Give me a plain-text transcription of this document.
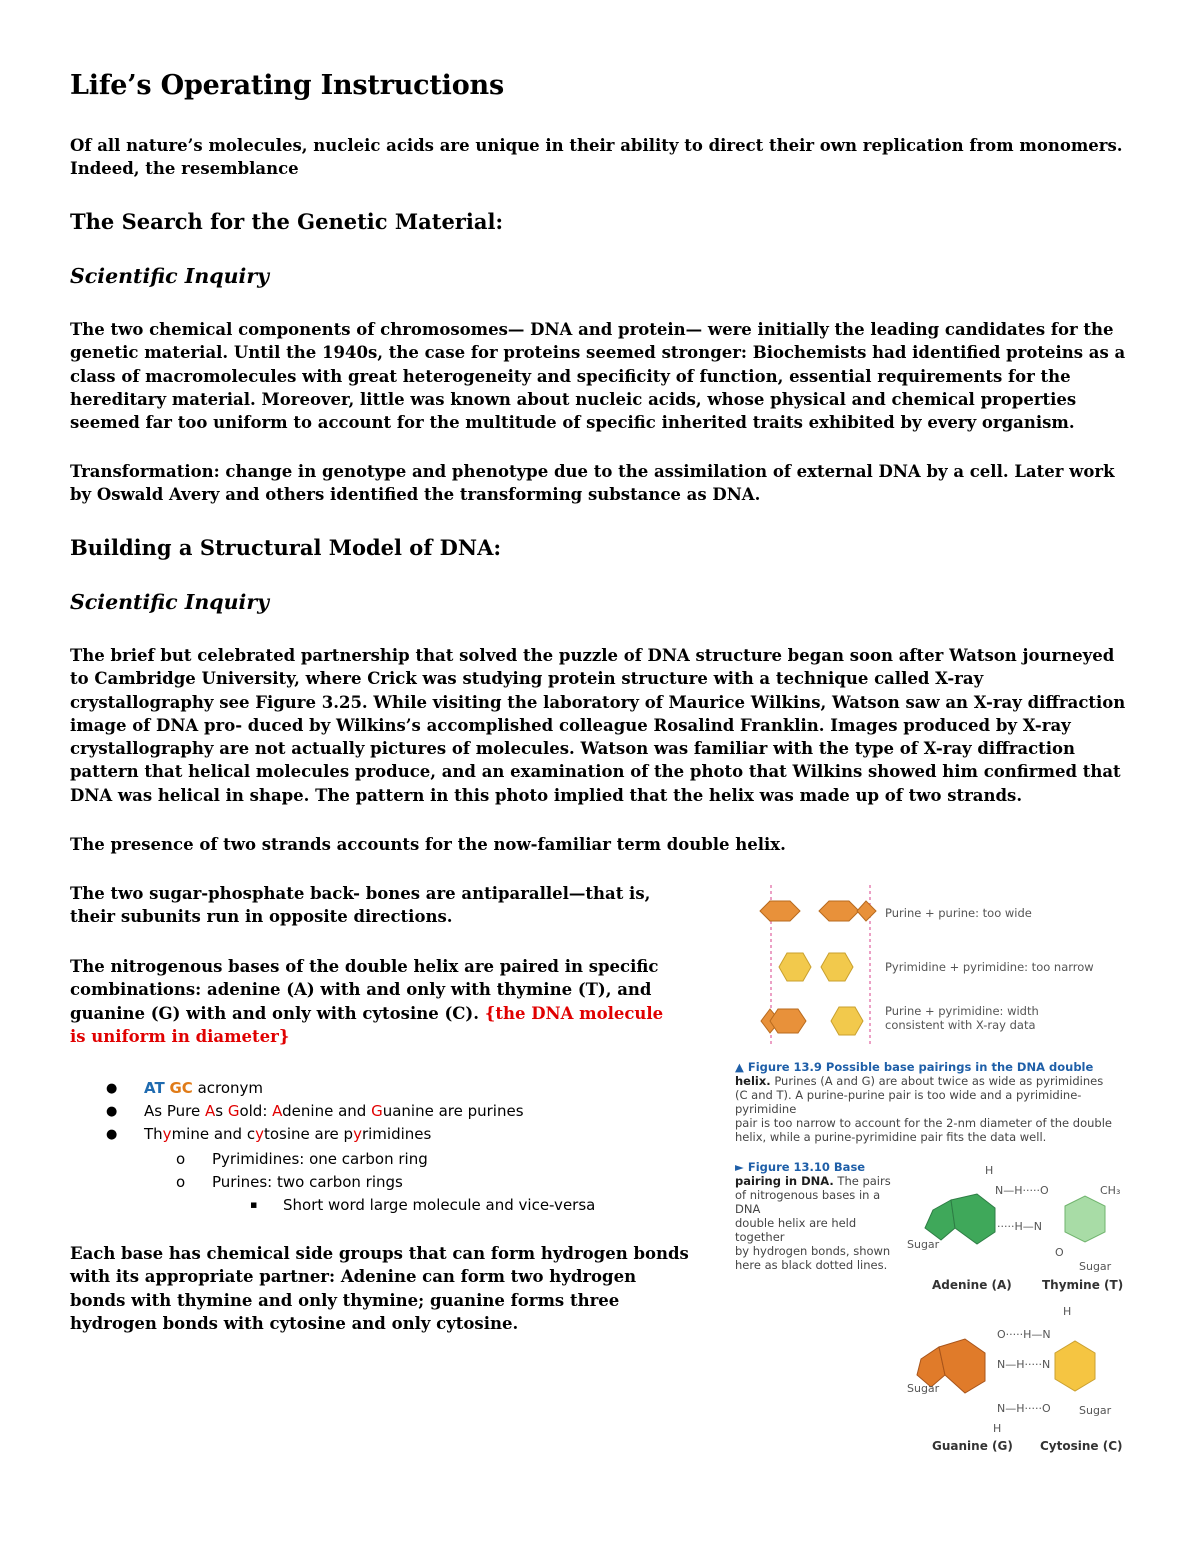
Life’s Operating Instructions
Of all nature’s molecules, nucleic acids are unique in their ability to direct their own replication from monomers. Indeed, the resemblance
The Search for the Genetic Material:
Scientific Inquiry
The two chemical components of chromosomes— DNA and protein— were initially the leading candidates for the genetic material. Until the 1940s, the case for proteins seemed stronger: Biochemists had identified proteins as a class of macromolecules with great heterogeneity and specificity of function, essential requirements for the hereditary material. Moreover, little was known about nucleic acids, whose physical and chemical properties seemed far too uniform to account for the multitude of specific inherited traits exhibited by every organism.
Transformation: change in genotype and phenotype due to the assimilation of external DNA by a cell. Later work by Oswald Avery and others identified the transforming substance as DNA.
Building a Structural Model of DNA:
Scientific Inquiry
The brief but celebrated partnership that solved the puzzle of DNA structure began soon after Watson journeyed to Cambridge University, where Crick was studying protein structure with a technique called X-ray crystallography see Figure 3.25. While visiting the laboratory of Maurice Wilkins, Watson saw an X-ray diffraction image of DNA pro- duced by Wilkins’s accomplished colleague Rosalind Franklin. Images produced by X-ray crystallography are not actually pictures of molecules. Watson was familiar with the type of X-ray diffraction pattern that helical molecules produce, and an examination of the photo that Wilkins showed him confirmed that DNA was helical in shape. The pattern in this photo implied that the helix was made up of two strands.
The presence of two strands accounts for the now-familiar term double helix.
The two sugar-phosphate back- bones are antiparallel—that is, their subunits run in opposite directions.
The nitrogenous bases of the double helix are paired in specific combinations: adenine (A) with and only with thymine (T), and guanine (G) with and only with cytosine (C). {the DNA molecule is uniform in diameter}
● AT GC acronym
● As Pure As Gold: Adenine and Guanine are purines
● Thymine and cytosine are pyrimidines
o Pyrimidines: one carbon ring
o Purines: two carbon rings
▪ Short word large molecule and vice-versa
Each base has chemical side groups that can form hydrogen bonds with its appropriate partner: Adenine can form two hydrogen bonds with thymine and only thymine; guanine forms three hydrogen bonds with cytosine and only cytosine.
Purine + purine: too wide
Pyrimidine + pyrimidine: too narrow
Purine + pyrimidine: width
consistent with X-ray data
▲ Figure 13.9 Possible base pairings in the DNA double
helix. Purines (A and G) are about twice as wide as pyrimidines
(C and T). A purine-purine pair is too wide and a pyrimidine-pyrimidine
pair is too narrow to account for the 2-nm diameter of the double
helix, while a purine-pyrimidine pair fits the data well.
► Figure 13.10 Base
pairing in DNA. The pairs
of nitrogenous bases in a DNA
double helix are held together
by hydrogen bonds, shown
here as black dotted lines.
H
N—H·····O	CH₃
·····H—N
Sugar
O
Sugar
Adenine (A)	Thymine (T)
H
O·····H—N
N—H·····N
Sugar
N—H·····O	Sugar
H
Guanine (G) Cytosine (C)
